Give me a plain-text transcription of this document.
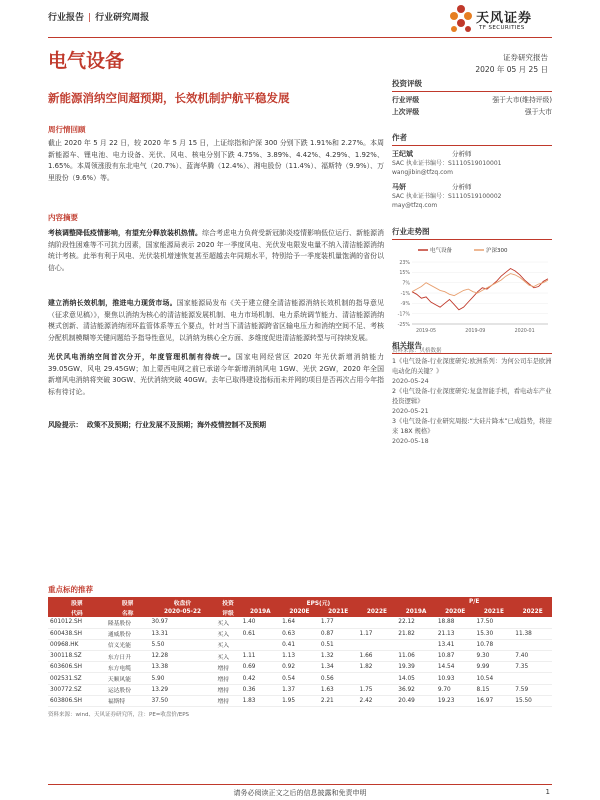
行业报告 | 行业研究周报	天风证券
TF SECURITIES
电气设备	证券研究报告
2020 年 05 月 25 日
新能源消纳空间超预期，长效机制护航平稳发展
周行情回顾
截止 2020 年 5 月 22 日，较 2020 年 5 月 15 日，上证综指和沪深 300 分别下跌 1.91%和 2.27%。本周新能源车、锂电池、电力设备、光伏、风电、核电分别下跌 4.75%、3.89%、4.42%、4.29%、1.92%、1.65%。本周领涨股有东北电气（20.7%）、蓝海华腾（12.4%）、湘电股份（11.4%）、福斯特（9.9%）、万里股份（9.6%）等。
内容摘要
考核调整降低疫情影响，有望充分释放装机热情。综合考虑电力负荷受新冠肺炎疫情影响低位运行、新能源消纳阶段性困难等不可抗力因素，国家能源局表示 2020 年一季度风电、光伏发电限发电量不纳入清洁能源消纳统计考核。此举有利于风电、光伏装机增速恢复甚至超越去年同期水平，特别给予一季度装机量饱满的省份以信心。
建立消纳长效机制，推进电力现货市场。国家能源局发布《关于建立健全清洁能源消纳长效机制的指导意见（征求意见稿）》，聚焦以消纳为核心的清洁能源发展机制、电力市场机制、电力系统调节能力、清洁能源消纳模式创新、清洁能源消纳闭环监管体系等五个要点，针对当下清洁能源跨省区输电压力和消纳空间不足、考核分配机制模糊等关键问题给予指导性意见，以消纳为核心全方面、多维度促进清洁能源转型与可持续发展。
光伏风电消纳空间首次分开，年度管理机制有待统一。国家电网经营区 2020 年光伏新增消纳能力 39.05GW、风电 29.45GW；加上蒙西电网之前已承诺今年新增消纳风电 1GW、光伏 2GW，2020 年全国新增风电消纳将突破 30GW、光伏消纳突破 40GW。去年已取得建设指标而未并网的项目是否再次占用今年指标有待讨论。
风险提示： 政策不及预期；行业发展不及预期；海外疫情控制不及预期
投资评级
行业评级	强于大市(维持评级)
上次评级	强于大市
作者
王纪斌	分析师
SAC 执业证书编号：S1110519010001
wangjibin@tfzq.com
马妍	分析师
SAC 执业证书编号：S1110519100002
may@tfzq.com
行业走势图
电气设备	沪深300
23%
15%
7%
-1%
-9%
-17%
-25%
2019-05	2019-09	2020-01
资料来源：贝格数据
相关报告
1《电气设备-行业深度研究:欧洲系列：为何公司车是欧洲电动化的关键？》
2020-05-24
2《电气设备-行业深度研究:复盘智能手机，看电动车产业投资逻辑》
2020-05-21
3《电气设备-行业研究周报:“大硅片降本”已成趋势，将迎来 18X 规格》
2020-05-18
重点标的推荐
股票	股票	收盘价	投资	EPS(元)				P/E			
代码	名称	2020-05-22	评级	2019A	2020E	2021E	2022E	2019A	2020E	2021E	2022E
601012.SH	隆基股份	30.97	买入	1.40	1.64	1.77		22.12	18.88	17.50	
600438.SH	通威股份	13.31	买入	0.61	0.63	0.87	1.17	21.82	21.13	15.30	11.38
00968.HK	信义光能	5.50	买入		0.41	0.51			13.41	10.78	
300118.SZ	东方日升	12.28	买入	1.11	1.13	1.32	1.66	11.06	10.87	9.30	7.40
603606.SH	东方电缆	13.38	增持	0.69	0.92	1.34	1.82	19.39	14.54	9.99	7.35
002531.SZ	天顺风能	5.90	增持	0.42	0.54	0.56		14.05	10.93	10.54	
300772.SZ	运达股份	13.29	增持	0.36	1.37	1.63	1.75	36.92	9.70	8.15	7.59
603806.SH	福斯特	37.50	增持	1.83	1.95	2.21	2.42	20.49	19.23	16.97	15.50
资料来源：wind、天风证券研究所，注：PE=收盘价/EPS
请务必阅读正文之后的信息披露和免责申明	1
